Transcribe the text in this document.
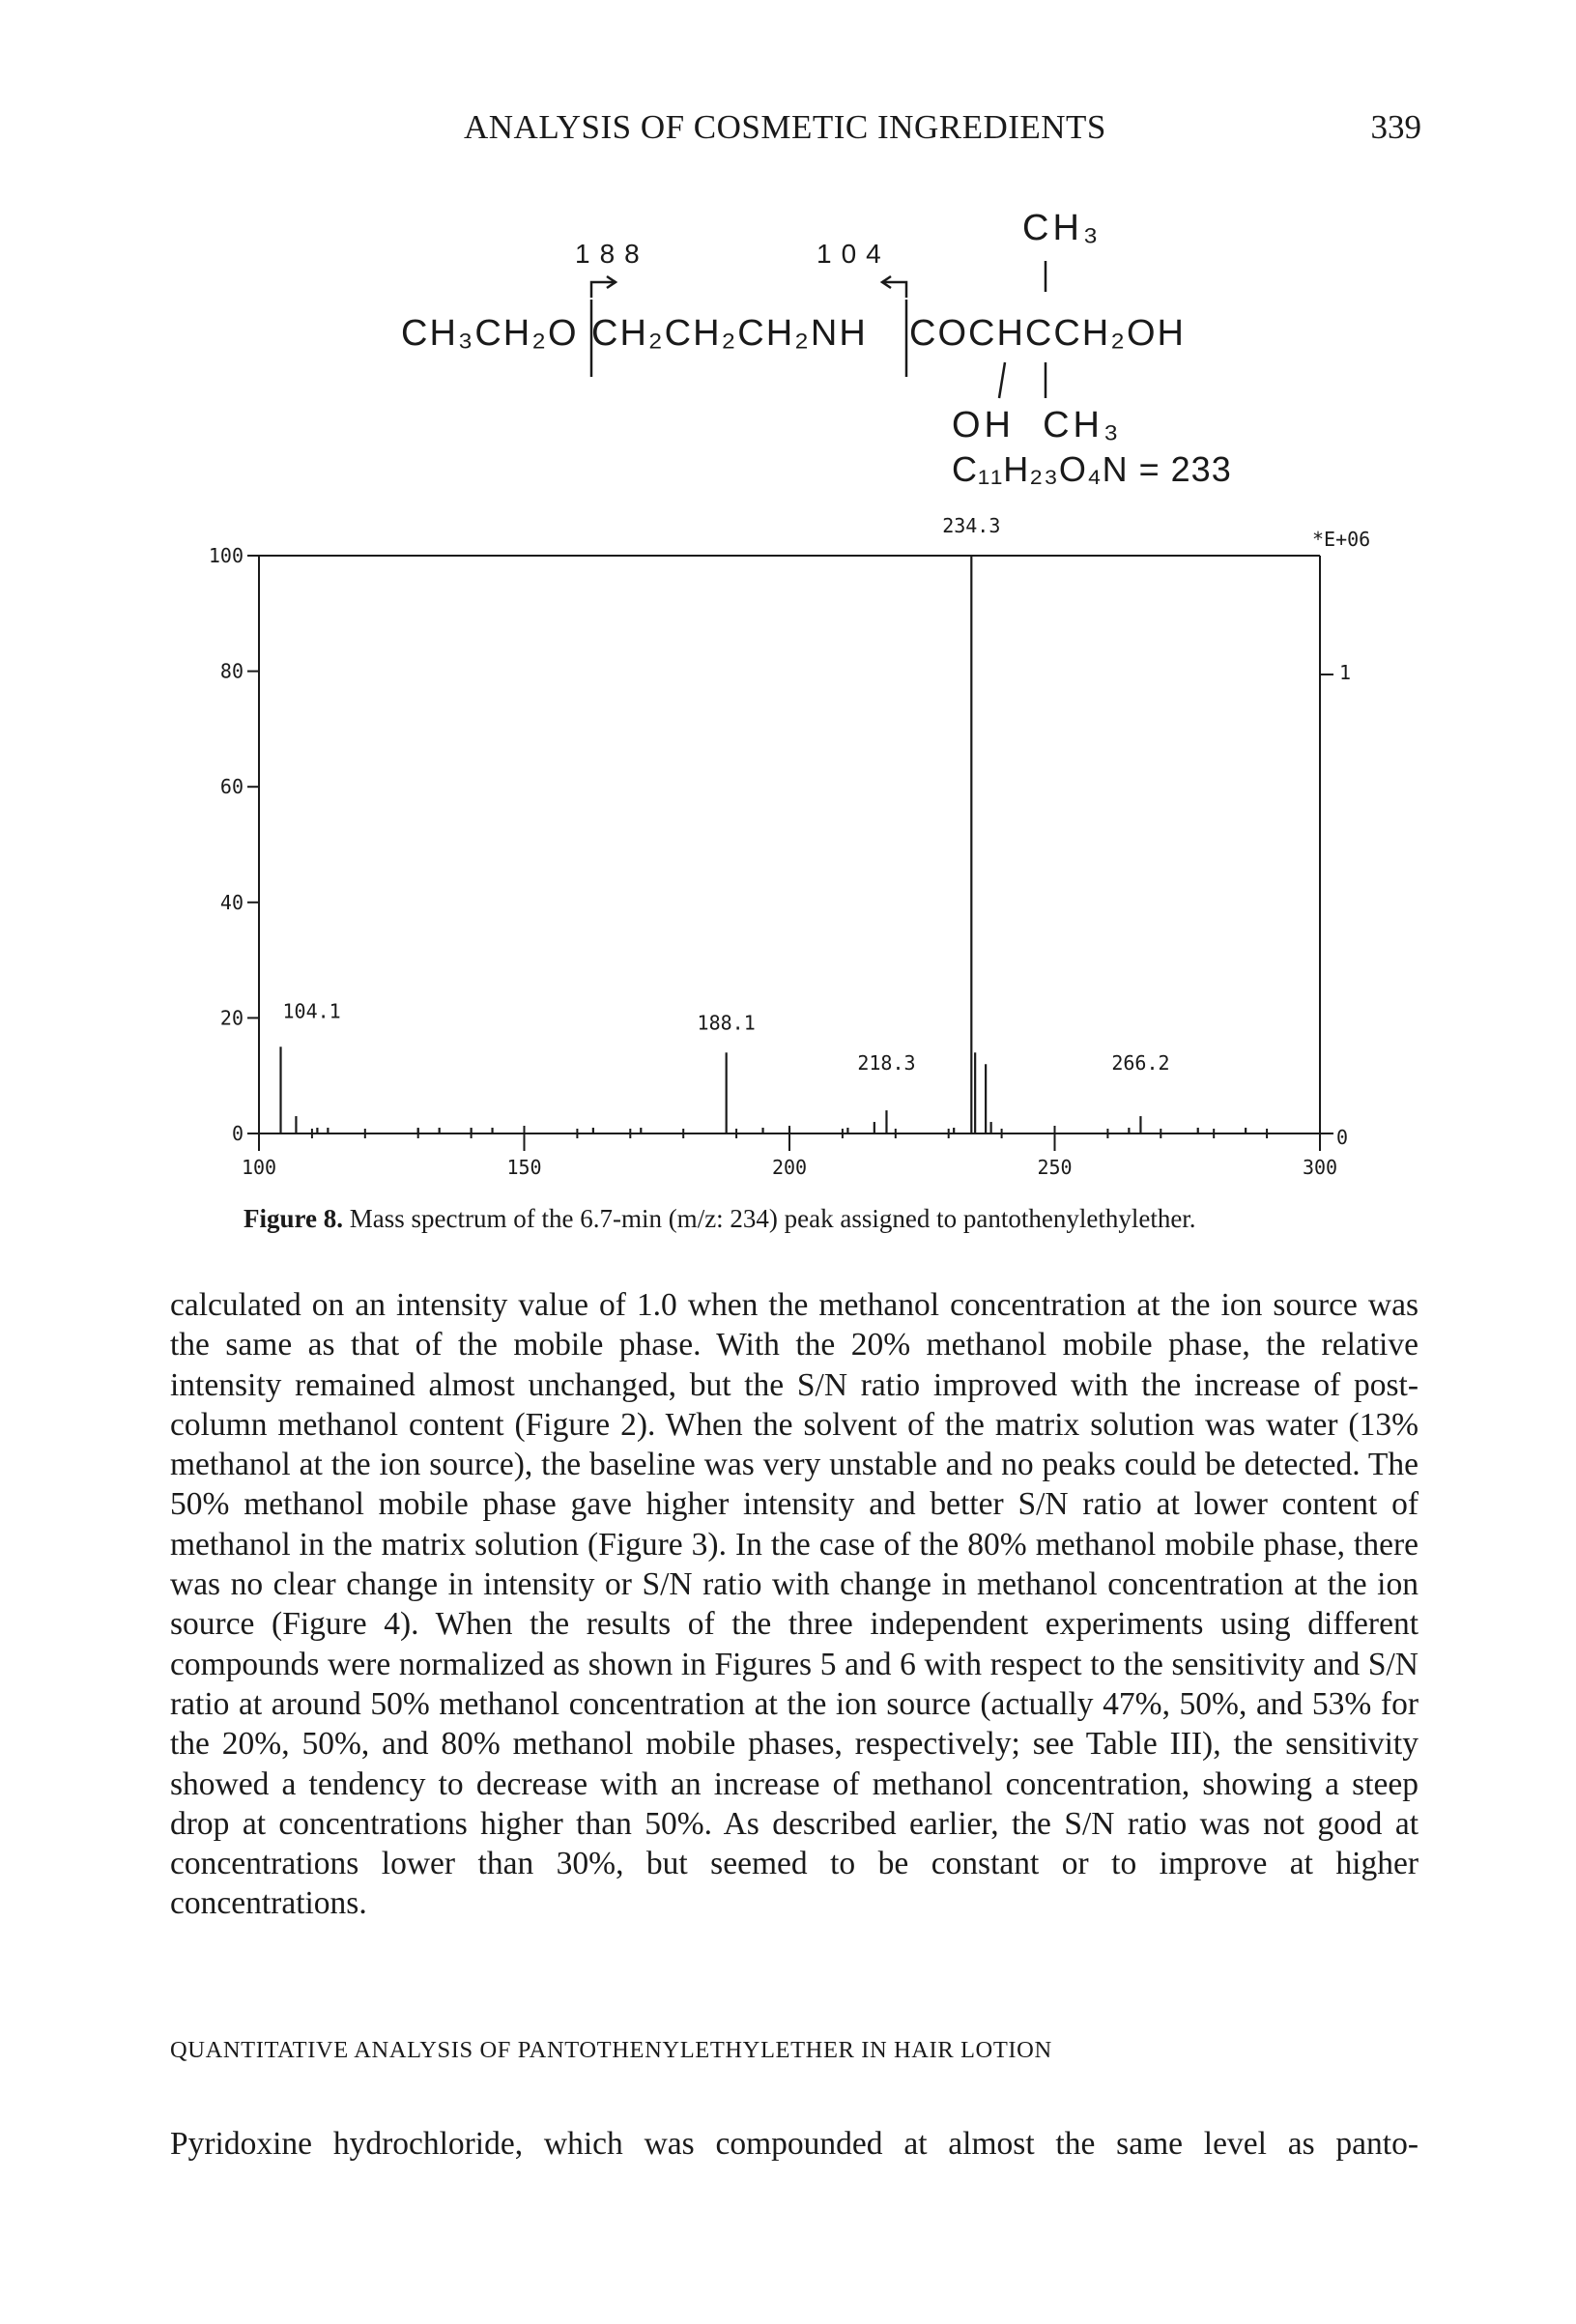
ANALYSIS OF COSMETIC INGREDIENTS	339
188	104
CH₃
CH₃CH₂O CH₂CH₂CH₂NH COCHCCH₂OH
OH  CH₃
C₁₁H₂₃O₄N = 233
0
20
40
60
80
100
100	150	200	250	300
104.1	188.1
218.3
234.3
266.2
*E+06
1
0
Figure 8. Mass spectrum of the 6.7-min (m/z: 234) peak assigned to pantothenylethylether.
calculated on an intensity value of 1.0 when the methanol concentration at the ion source was the same as that of the mobile phase. With the 20% methanol mobile phase, the relative intensity remained almost unchanged, but the S/N ratio improved with the increase of post-column methanol content (Figure 2). When the solvent of the matrix solution was water (13% methanol at the ion source), the baseline was very unstable and no peaks could be detected. The 50% methanol mobile phase gave higher intensity and better S/N ratio at lower content of methanol in the matrix solution (Figure 3). In the case of the 80% methanol mobile phase, there was no clear change in intensity or S/N ratio with change in methanol concentration at the ion source (Figure 4). When the results of the three independent experiments using different compounds were normalized as shown in Figures 5 and 6 with respect to the sensitivity and S/N ratio at around 50% methanol concentration at the ion source (actually 47%, 50%, and 53% for the 20%, 50%, and 80% methanol mobile phases, respectively; see Table III), the sensitivity showed a tendency to decrease with an increase of methanol concentration, showing a steep drop at concentrations higher than 50%. As described earlier, the S/N ratio was not good at concentrations lower than 30%, but seemed to be constant or to improve at higher concentrations.
QUANTITATIVE ANALYSIS OF PANTOTHENYLETHYLETHER IN HAIR LOTION
Pyridoxine hydrochloride, which was compounded at almost the same level as panto-
